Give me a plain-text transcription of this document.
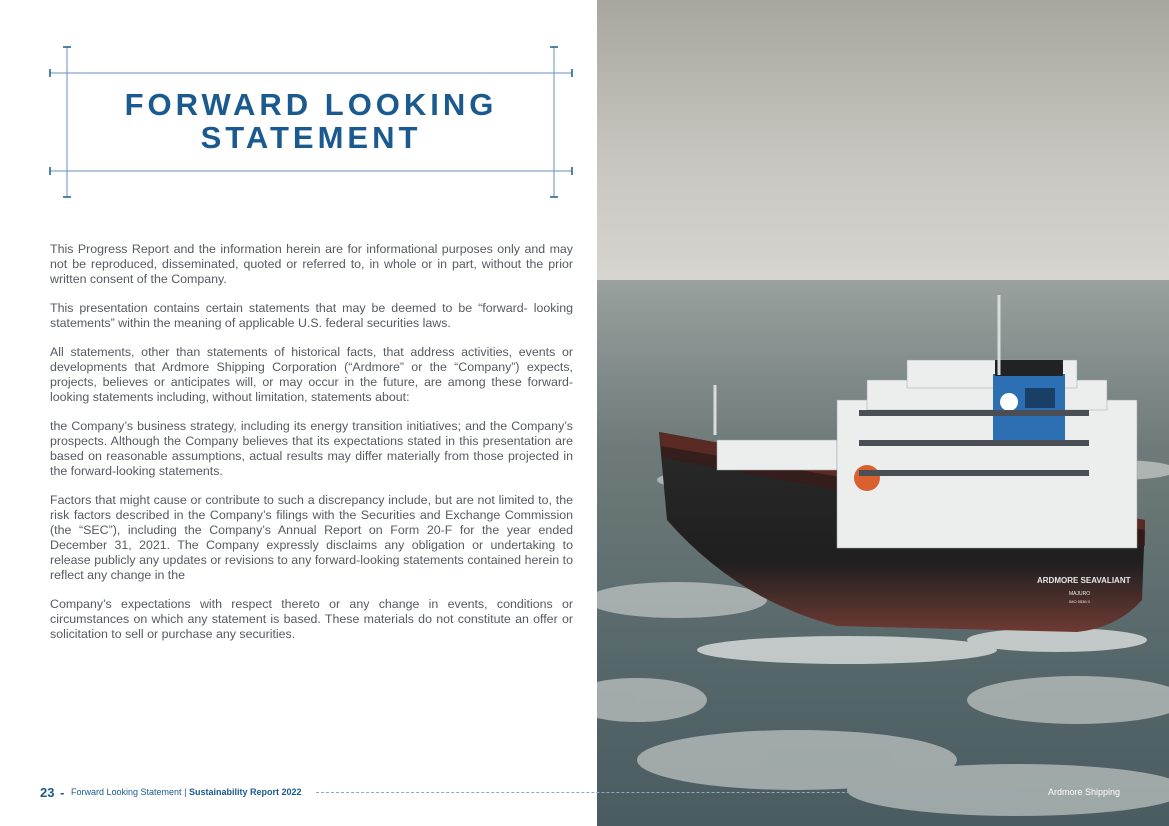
FORWARD LOOKING
STATEMENT

This Progress Report and the information herein are for informational purposes only and may not be reproduced, disseminated, quoted or referred to, in whole or in part, without the prior written consent of the Company.

This presentation contains certain statements that may be deemed to be “forward- looking statements” within the meaning of applicable U.S. federal securities laws.

All statements, other than statements of historical facts, that address activities, events or developments that Ardmore Shipping Corporation (“Ardmore” or the “Company”) expects, projects, believes or anticipates will, or may occur in the future, are among these forward-looking statements including, without limitation, statements about:

the Company’s business strategy, including its energy transition initiatives; and the Company’s prospects. Although the Company believes that its expectations stated in this presentation are based on reasonable assumptions, actual results may differ materially from those projected in the forward-looking statements.

Factors that might cause or contribute to such a discrepancy include, but are not limited to, the risk factors described in the Company’s filings with the Securities and Exchange Commission (the “SEC”), including the Company’s Annual Report on Form 20-F for the year ended December 31, 2021. The Company expressly disclaims any obligation or undertaking to release publicly any updates or revisions to any forward-looking statements contained herein to reflect any change in the

Company’s expectations with respect thereto or any change in events, conditions or circumstances on which any statement is based. These materials do not constitute an offer or solicitation to sell or purchase any securities.

ARDMORE SEAVALIANT
MAJURO
IMO 9536 0
23 - Forward Looking Statement | Sustainability Report 2022	Ardmore Shipping
